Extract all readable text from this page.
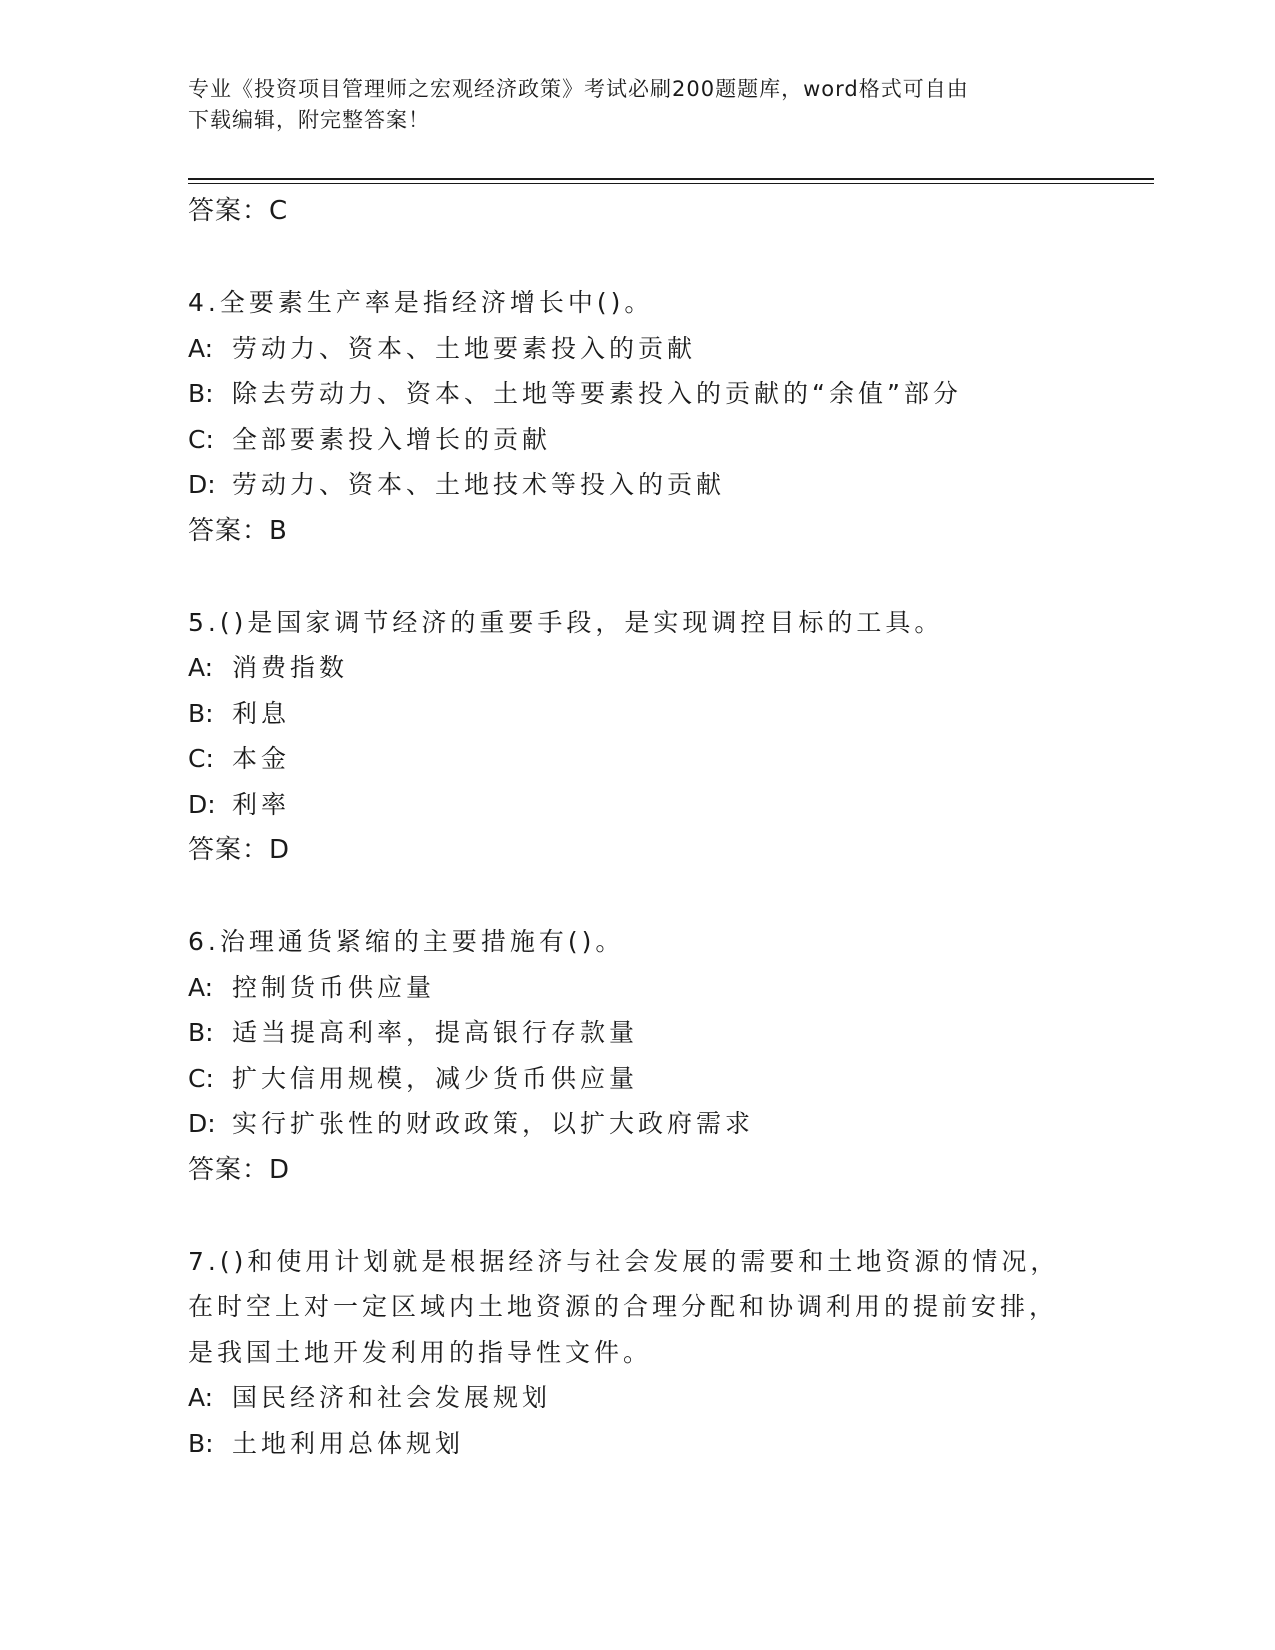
专业《投资项目管理师之宏观经济政策》考试必刷200题题库，word格式可自由
下载编辑，附完整答案！
答案：C
4.全要素生产率是指经济增长中()。
A: 劳动力、资本、土地要素投入的贡献
B: 除去劳动力、资本、土地等要素投入的贡献的“余值”部分
C: 全部要素投入增长的贡献
D: 劳动力、资本、土地技术等投入的贡献
答案：B
5.()是国家调节经济的重要手段，是实现调控目标的工具。
A: 消费指数
B: 利息
C: 本金
D: 利率
答案：D
6.治理通货紧缩的主要措施有()。
A: 控制货币供应量
B: 适当提高利率，提高银行存款量
C: 扩大信用规模，减少货币供应量
D: 实行扩张性的财政政策，以扩大政府需求
答案：D
7.()和使用计划就是根据经济与社会发展的需要和土地资源的情况，
在时空上对一定区域内土地资源的合理分配和协调利用的提前安排，
是我国土地开发利用的指导性文件。
A: 国民经济和社会发展规划
B: 土地利用总体规划
